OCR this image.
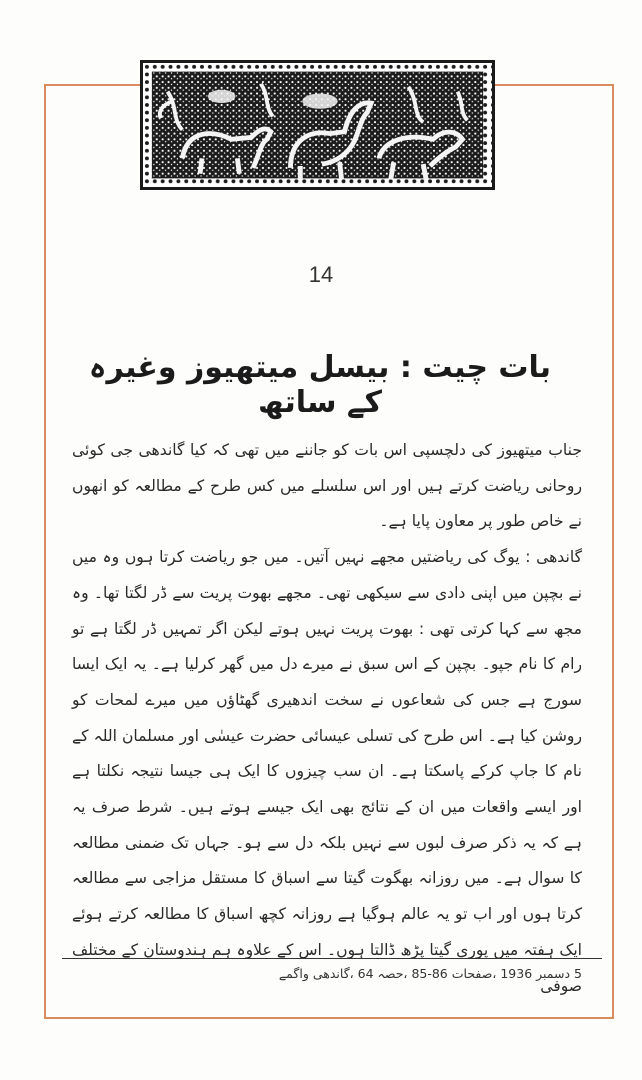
14
بات چیت : بیسل میتھیوز وغیرہ کے ساتھ

جناب میتھیوز کی دلچسپی اس بات کو جاننے میں تھی کہ کیا گاندھی جی کوئی روحانی ریاضت کرتے ہیں اور اس سلسلے میں کس طرح کے مطالعہ کو انھوں نے خاص طور پر معاون پایا ہے۔

گاندھی : یوگ کی ریاضتیں مجھے نہیں آتیں۔ میں جو ریاضت کرتا ہوں وہ میں نے بچپن میں اپنی دادی سے سیکھی تھی۔ مجھے بھوت پریت سے ڈر لگتا تھا۔ وہ مجھ سے کہا کرتی تھی : بھوت پریت نہیں ہوتے لیکن اگر تمہیں ڈر لگتا ہے تو رام کا نام جپو۔ بچپن کے اس سبق نے میرے دل میں گھر کرلیا ہے۔ یہ ایک ایسا سورج ہے جس کی شعاعوں نے سخت اندھیری گھٹاؤں میں میرے لمحات کو روشن کیا ہے۔ اس طرح کی تسلی عیسائی حضرت عیسٰی اور مسلمان اللہ کے نام کا جاپ کرکے پاسکتا ہے۔ ان سب چیزوں کا ایک ہی جیسا نتیجہ نکلتا ہے اور ایسے واقعات میں ان کے نتائج بھی ایک جیسے ہوتے ہیں۔ شرط صرف یہ ہے کہ یہ ذکر صرف لبوں سے نہیں بلکہ دل سے ہو۔ جہاں تک ضمنی مطالعہ کا سوال ہے۔ میں روزانہ بھگوت گیتا سے اسباق کا مستقل مزاجی سے مطالعہ کرتا ہوں اور اب تو یہ عالم ہوگیا ہے روزانہ کچھ اسباق کا مطالعہ کرتے ہوئے ایک ہفتہ میں پوری گیتا پڑھ ڈالتا ہوں۔ اس کے علاوہ ہم ہندوستان کے مختلف صوفی

5 دسمبر 1936 ،صفحات 86-85 ،حصہ 64 ،گاندھی واگمے
